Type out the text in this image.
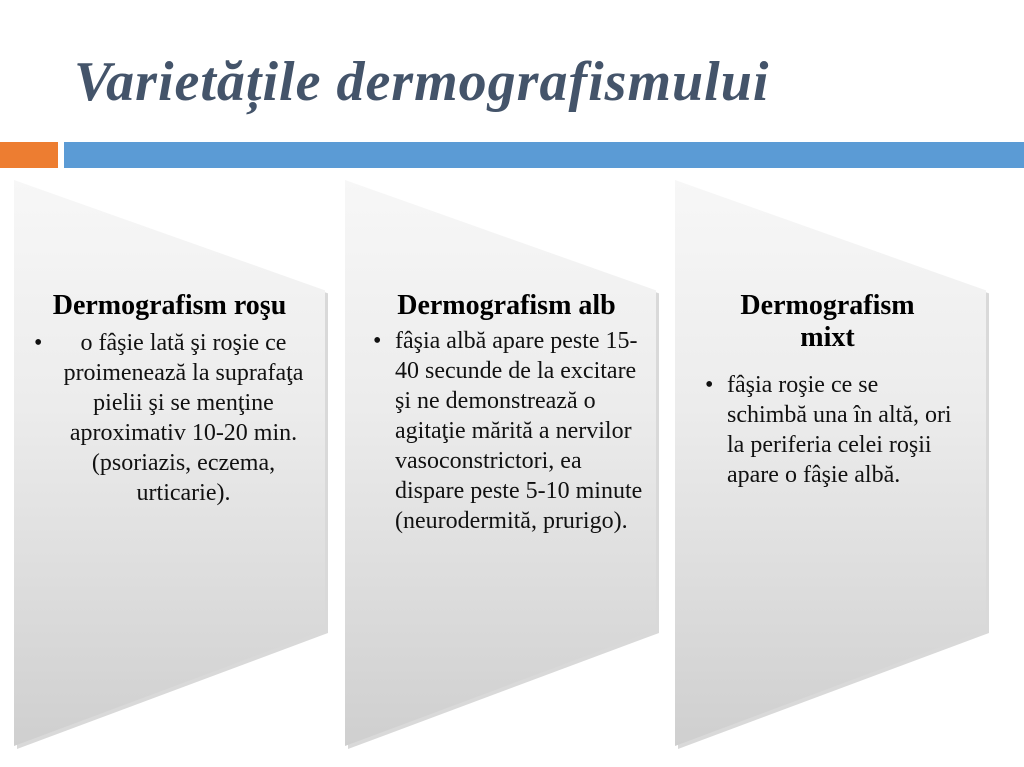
Varietățile dermografismului
Dermografism roşu
• o fâşie lată şi roşie ce proimenează la suprafaţa pielii şi se menţine aproximativ 10-20 min. (psoriazis, eczema, urticarie).
Dermografism alb
• fâşia albă apare peste 15-40 secunde de la excitare şi ne demonstrează o agitaţie mărită a nervilor vasoconstrictori, ea dispare peste 5-10 minute (neurodermită, prurigo).
Dermografism mixt
• fâşia roşie ce se schimbă una în altă, ori la periferia celei roşii apare o fâşie albă.
